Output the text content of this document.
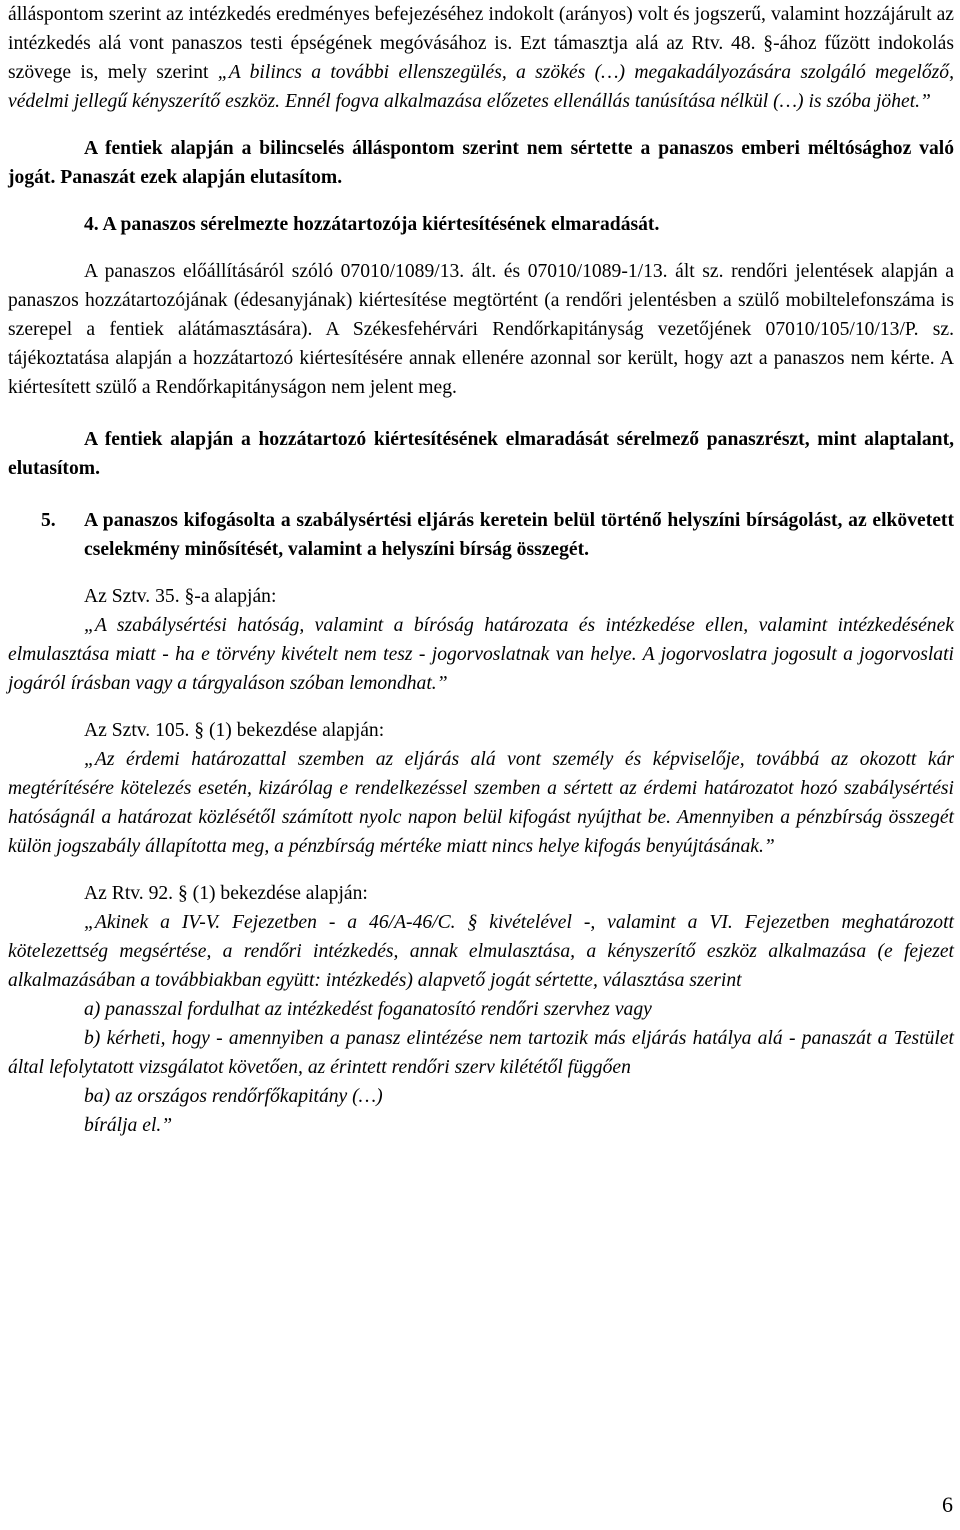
álláspontom szerint az intézkedés eredményes befejezéséhez indokolt (arányos) volt és jogszerű, valamint hozzájárult az intézkedés alá vont panaszos testi épségének megóvásához is. Ezt támasztja alá az Rtv. 48. §-ához fűzött indokolás szövege is, mely szerint „A bilincs a további ellenszegülés, a szökés (…) megakadályozására szolgáló megelőző, védelmi jellegű kényszerítő eszköz. Ennél fogva alkalmazása előzetes ellenállás tanúsítása nélkül (…) is szóba jöhet.”

A fentiek alapján a bilincselés álláspontom szerint nem sértette a panaszos emberi méltósághoz való jogát. Panaszát ezek alapján elutasítom.

4. A panaszos sérelmezte hozzátartozója kiértesítésének elmaradását.

A panaszos előállításáról szóló 07010/1089/13. ált. és 07010/1089-1/13. ált sz. rendőri jelentések alapján a panaszos hozzátartozójának (édesanyjának) kiértesítése megtörtént (a rendőri jelentésben a szülő mobiltelefonszáma is szerepel a fentiek alátámasztására). A Székesfehérvári Rendőrkapitányság vezetőjének 07010/105/10/13/P. sz. tájékoztatása alapján a hozzátartozó kiértesítésére annak ellenére azonnal sor került, hogy azt a panaszos nem kérte. A kiértesített szülő a Rendőrkapitányságon nem jelent meg.

A fentiek alapján a hozzátartozó kiértesítésének elmaradását sérelmező panaszrészt, mint alaptalant, elutasítom.

5.	A panaszos kifogásolta a szabálysértési eljárás keretein belül történő helyszíni bírságolást, az elkövetett cselekmény minősítését, valamint a helyszíni bírság összegét.

Az Sztv. 35. §-a alapján:

„A szabálysértési hatóság, valamint a bíróság határozata és intézkedése ellen, valamint intézkedésének elmulasztása miatt - ha e törvény kivételt nem tesz - jogorvoslatnak van helye. A jogorvoslatra jogosult a jogorvoslati jogáról írásban vagy a tárgyaláson szóban lemondhat.”

Az Sztv. 105. § (1) bekezdése alapján:

„Az érdemi határozattal szemben az eljárás alá vont személy és képviselője, továbbá az okozott kár megtérítésére kötelezés esetén, kizárólag e rendelkezéssel szemben a sértett az érdemi határozatot hozó szabálysértési hatóságnál a határozat közlésétől számított nyolc napon belül kifogást nyújthat be. Amennyiben a pénzbírság összegét külön jogszabály állapította meg, a pénzbírság mértéke miatt nincs helye kifogás benyújtásának.”

Az Rtv. 92. § (1) bekezdése alapján:

„Akinek a IV-V. Fejezetben - a 46/A-46/C. § kivételével -, valamint a VI. Fejezetben meghatározott kötelezettség megsértése, a rendőri intézkedés, annak elmulasztása, a kényszerítő eszköz alkalmazása (e fejezet alkalmazásában a továbbiakban együtt: intézkedés) alapvető jogát sértette, választása szerint

a) panasszal fordulhat az intézkedést foganatosító rendőri szervhez vagy

b) kérheti, hogy - amennyiben a panasz elintézése nem tartozik más eljárás hatálya alá - panaszát a Testület által lefolytatott vizsgálatot követően, az érintett rendőri szerv kilététől függően

ba) az országos rendőrfőkapitány (…)

bírálja el.”

6
